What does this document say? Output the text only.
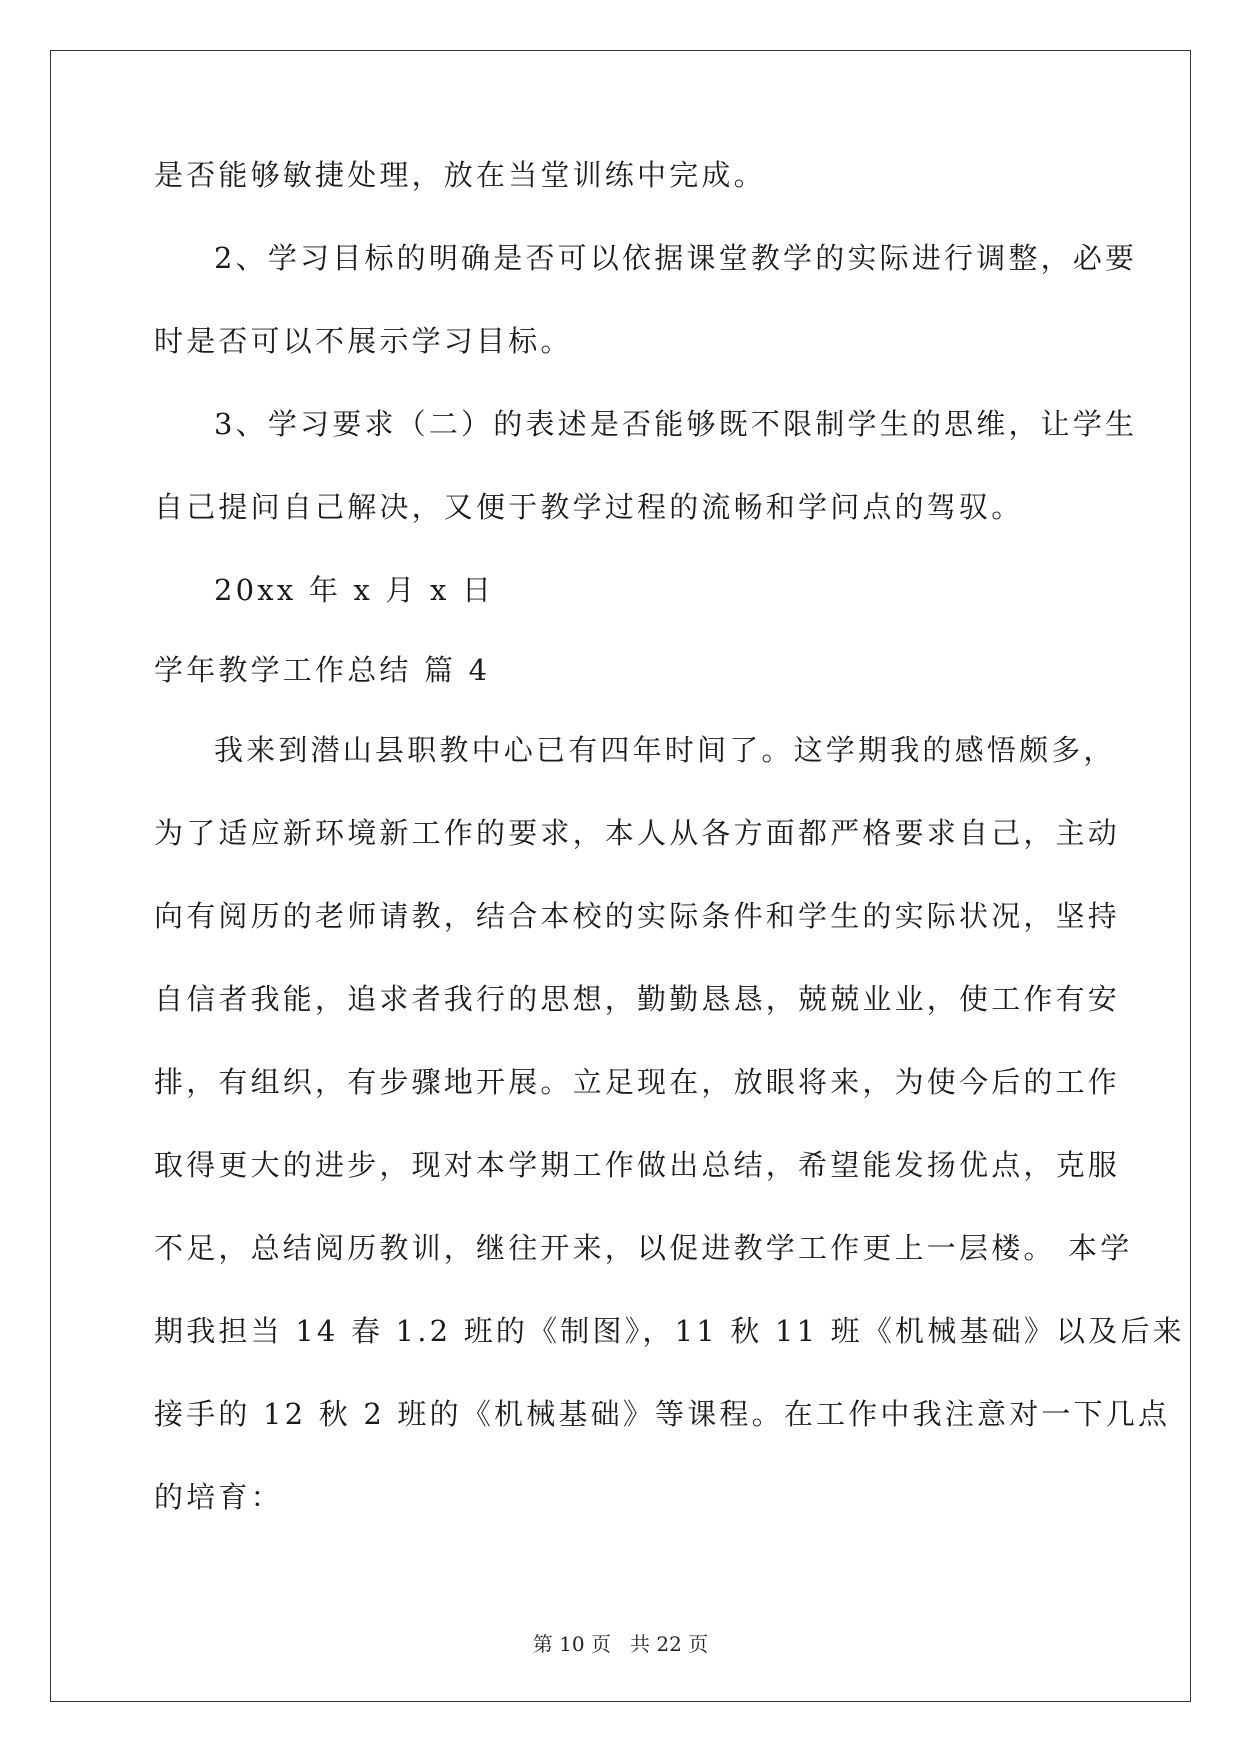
是否能够敏捷处理，放在当堂训练中完成。
2、学习目标的明确是否可以依据课堂教学的实际进行调整，必要
时是否可以不展示学习目标。
3、学习要求（二）的表述是否能够既不限制学生的思维，让学生
自己提问自己解决，又便于教学过程的流畅和学问点的驾驭。
20xx 年 x 月 x 日
学年教学工作总结 篇 4
我来到潜山县职教中心已有四年时间了。这学期我的感悟颇多，
为了适应新环境新工作的要求，本人从各方面都严格要求自己，主动
向有阅历的老师请教，结合本校的实际条件和学生的实际状况，坚持
自信者我能，追求者我行的思想，勤勤恳恳，兢兢业业，使工作有安
排，有组织，有步骤地开展。立足现在，放眼将来，为使今后的工作
取得更大的进步，现对本学期工作做出总结，希望能发扬优点，克服
不足，总结阅历教训，继往开来，以促进教学工作更上一层楼。 本学
期我担当 14 春 1.2 班的《制图》，11 秋 11 班《机械基础》以及后来
接手的 12 秋 2 班的《机械基础》等课程。在工作中我注意对一下几点
的培育：
第 10 页   共 22 页
